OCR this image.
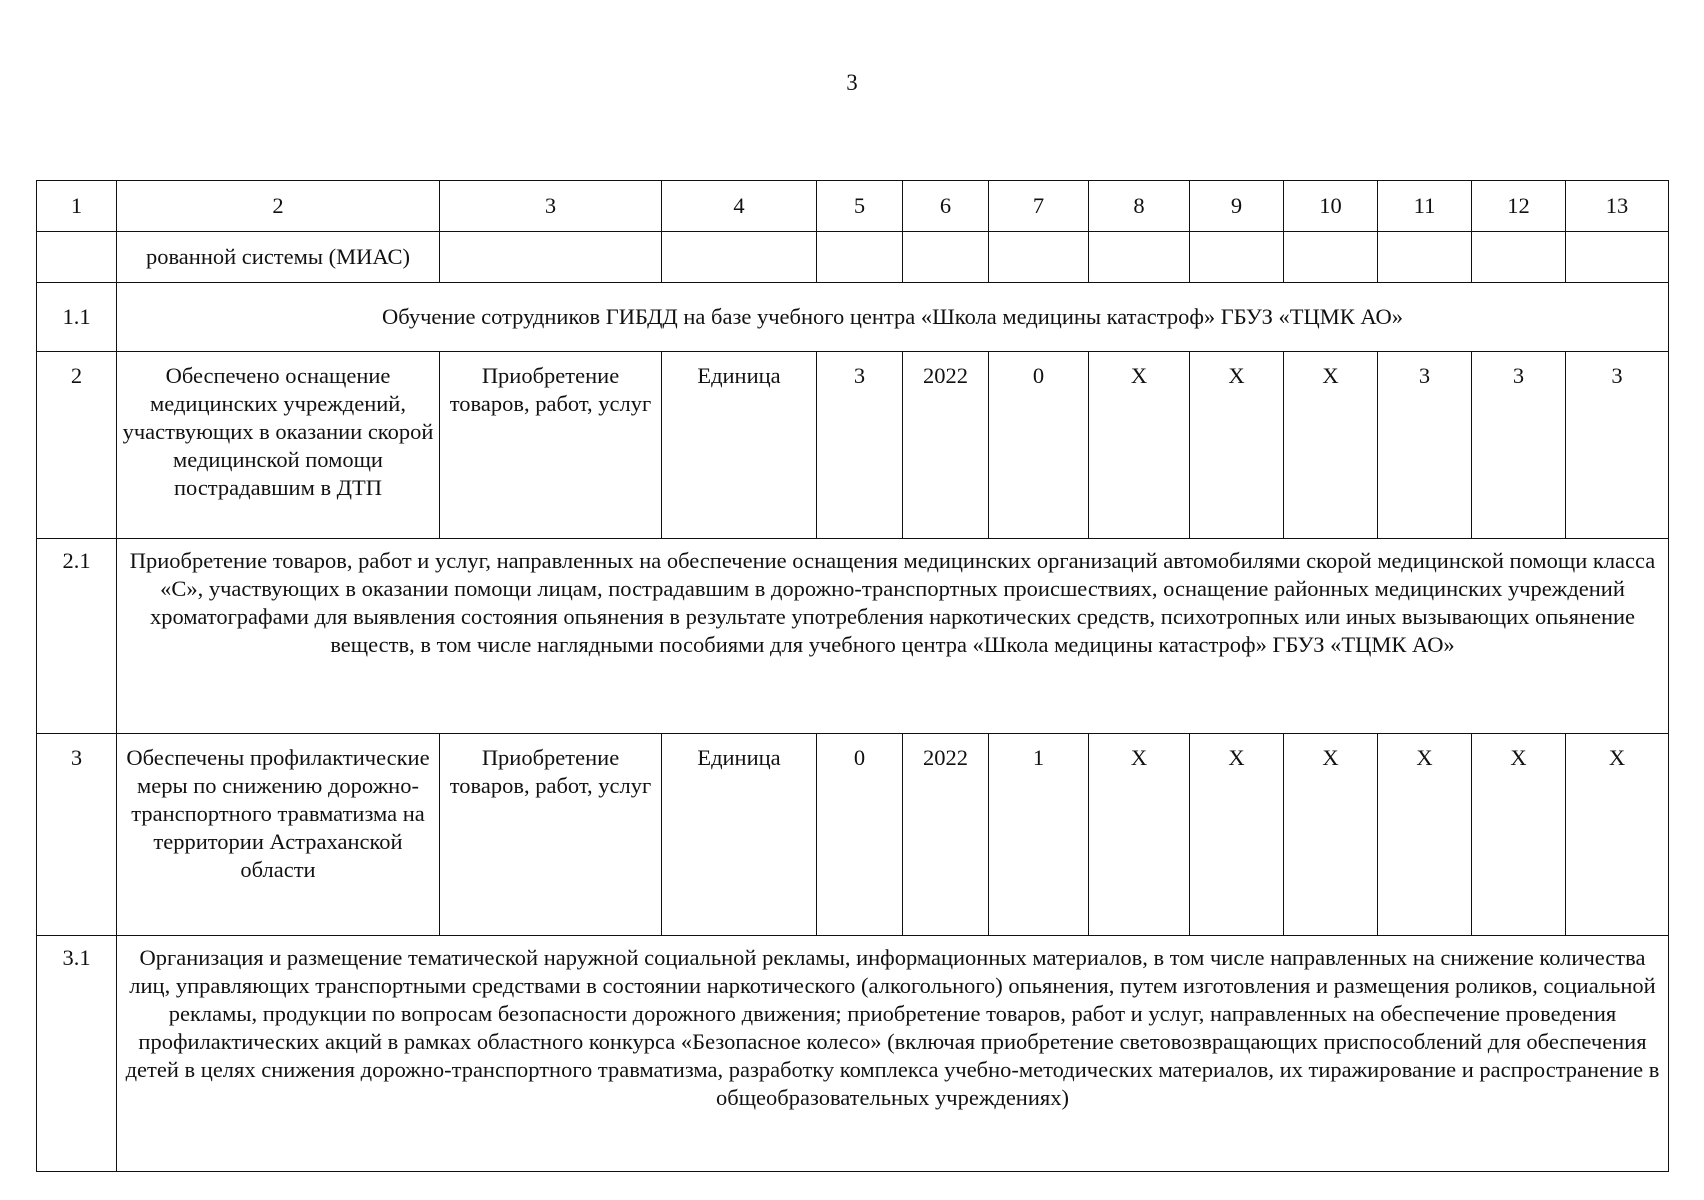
3
1	2	3	4	5	6	7	8	9	10	11	12	13
	рованной системы (МИАС)											
1.1	Обучение сотрудников ГИБДД на базе учебного центра «Школа медицины катастроф» ГБУЗ «ТЦМК АО»											
2	Обеспечено оснащение медицинских учреждений, участвующих в оказании скорой медицинской помощи пострадавшим в ДТП	Приобретение товаров, работ, услуг	Единица	3	2022	0	Х	Х	Х	3	3	3
2.1	Приобретение товаров, работ и услуг, направленных на обеспечение оснащения медицинских организаций автомобилями скорой медицинской помощи класса «С», участвующих в оказании помощи лицам, пострадавшим в дорожно-транспортных происшествиях, оснащение районных медицинских учреждений хроматографами для выявления состояния опьянения в результате употребления наркотических средств, психотропных или иных вызывающих опьянение веществ, в том числе наглядными пособиями для учебного центра «Школа медицины катастроф» ГБУЗ «ТЦМК АО»											
3	Обеспечены профилактические меры по снижению дорожно-транспортного травматизма на территории Астраханской области	Приобретение товаров, работ, услуг	Единица	0	2022	1	Х	Х	Х	Х	Х	Х
3.1	Организация и размещение тематической наружной социальной рекламы, информационных материалов, в том числе направленных на снижение количества лиц, управляющих транспортными средствами в состоянии наркотического (алкогольного) опьянения, путем изготовления и размещения роликов, социальной рекламы, продукции по вопросам безопасности дорожного движения; приобретение товаров, работ и услуг, направленных на обеспечение проведения профилактических акций в рамках областного конкурса «Безопасное колесо» (включая приобретение световозвращающих приспособлений для обеспечения детей в целях снижения дорожно-транспортного травматизма, разработку комплекса учебно-методических материалов, их тиражирование и распространение в общеобразовательных учреждениях)											
